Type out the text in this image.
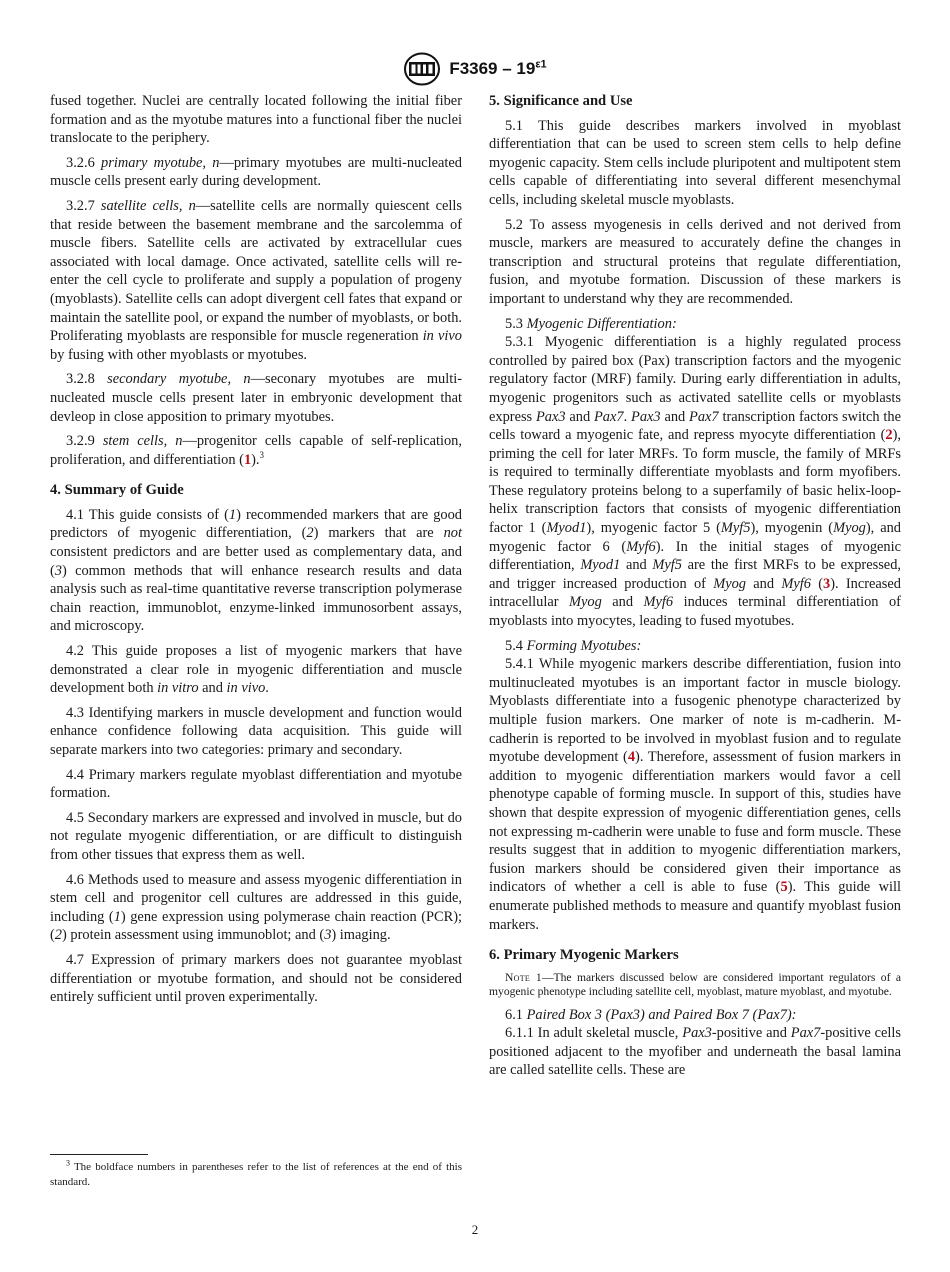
$F3369 - 19^{\varepsilon 1}$

fused together. Nuclei are centrally located following the initial fiber formation and as the myotube matures into a functional fiber the nuclei translocate to the periphery.

3.2.6 primary myotube, n—primary myotubes are multi-nucleated muscle cells present early during development.

3.2.7 satellite cells, n—satellite cells are normally quiescent cells that reside between the basement membrane and the sarcolemma of muscle fibers. Satellite cells are activated by extracellular cues associated with local damage. Once activated, satellite cells will re-enter the cell cycle to proliferate and supply a population of progeny (myoblasts). Satellite cells can adopt divergent cell fates that expand or maintain the satellite pool, or expand the number of myoblasts, or both. Proliferating myoblasts are responsible for muscle regeneration in vivo by fusing with other myoblasts or myotubes.

3.2.8 secondary myotube, n—seconary myotubes are multi-nucleated muscle cells present later in embryonic development that devleop in close apposition to primary myotubes.

3.2.9 stem cells, n—progenitor cells capable of self-replication, proliferation, and differentiation (1).$^3$

4. Summary of Guide

4.1 This guide consists of (1) recommended markers that are good predictors of myogenic differentiation, (2) markers that are not consistent predictors and are better used as complementary data, and (3) common methods that will enhance research results and data analysis such as real-time quantitative reverse transcription polymerase chain reaction, immunoblot, enzyme-linked immunosorbent assays, and microscopy.

4.2 This guide proposes a list of myogenic markers that have demonstrated a clear role in myogenic differentiation and muscle development both in vitro and in vivo.

4.3 Identifying markers in muscle development and function would enhance confidence following data acquisition. This guide will separate markers into two categories: primary and secondary.

4.4 Primary markers regulate myoblast differentiation and myotube formation.

4.5 Secondary markers are expressed and involved in muscle, but do not regulate myogenic differentiation, or are difficult to distinguish from other tissues that express them as well.

4.6 Methods used to measure and assess myogenic differentiation in stem cell and progenitor cell cultures are addressed in this guide, including (1) gene expression using polymerase chain reaction (PCR); (2) protein assessment using immunoblot; and (3) imaging.

4.7 Expression of primary markers does not guarantee myoblast differentiation or myotube formation, and should not be considered entirely sufficient until proven experimentally.

$^3$ The boldface numbers in parentheses refer to the list of references at the end of this standard.
5. Significance and Use

5.1 This guide describes markers involved in myoblast differentiation that can be used to screen stem cells to help define myogenic capacity. Stem cells include pluripotent and multipotent stem cells capable of differentiating into several different mesenchymal cells, including skeletal muscle myoblasts.

5.2 To assess myogenesis in cells derived and not derived from muscle, markers are measured to accurately define the changes in transcription and structural proteins that regulate differentiation, fusion, and myotube formation. Discussion of these markers is important to understand why they are recommended.

5.3 Myogenic Differentiation:

5.3.1 Myogenic differentiation is a highly regulated process controlled by paired box (Pax) transcription factors and the myogenic regulatory factor (MRF) family. During early differentiation in adults, myogenic progenitors such as activated satellite cells or myoblasts express Pax3 and Pax7. Pax3 and Pax7 transcription factors switch the cells toward a myogenic fate, and repress myocyte differentiation (2), priming the cell for later MRFs. To form muscle, the family of MRFs is required to terminally differentiate myoblasts and form myofibers. These regulatory proteins belong to a superfamily of basic helix-loop-helix transcription factors that consists of myogenic differentiation factor 1 (Myod1), myogenic factor 5 (Myf5), myogenin (Myog), and myogenic factor 6 (Myf6). In the initial stages of myogenic differentiation, Myod1 and Myf5 are the first MRFs to be expressed, and trigger increased production of Myog and Myf6 (3). Increased intracellular Myog and Myf6 induces terminal differentiation of myoblasts into myocytes, leading to fused myotubes.

5.4 Forming Myotubes:

5.4.1 While myogenic markers describe differentiation, fusion into multinucleated myotubes is an important factor in muscle biology. Myoblasts differentiate into a fusogenic phenotype characterized by multiple fusion markers. One marker of note is m-cadherin. M-cadherin is reported to be involved in myoblast fusion and to regulate myotube development (4). Therefore, assessment of fusion markers in addition to myogenic differentiation markers would favor a cell phenotype capable of forming muscle. In support of this, studies have shown that despite expression of myogenic differentiation genes, cells not expressing m-cadherin were unable to fuse and form muscle. These results suggest that in addition to myogenic differentiation markers, fusion markers should be considered given their importance as indicators of whether a cell is able to fuse (5). This guide will enumerate published methods to measure and quantify myoblast fusion markers.

6. Primary Myogenic Markers

Note 1—The markers discussed below are considered important regulators of a myogenic phenotype including satellite cell, myoblast, mature myoblast, and myotube.

6.1 Paired Box 3 (Pax3) and Paired Box 7 (Pax7):

6.1.1 In adult skeletal muscle, Pax3-positive and Pax7-positive cells positioned adjacent to the myofiber and underneath the basal lamina are called satellite cells. These are

2
